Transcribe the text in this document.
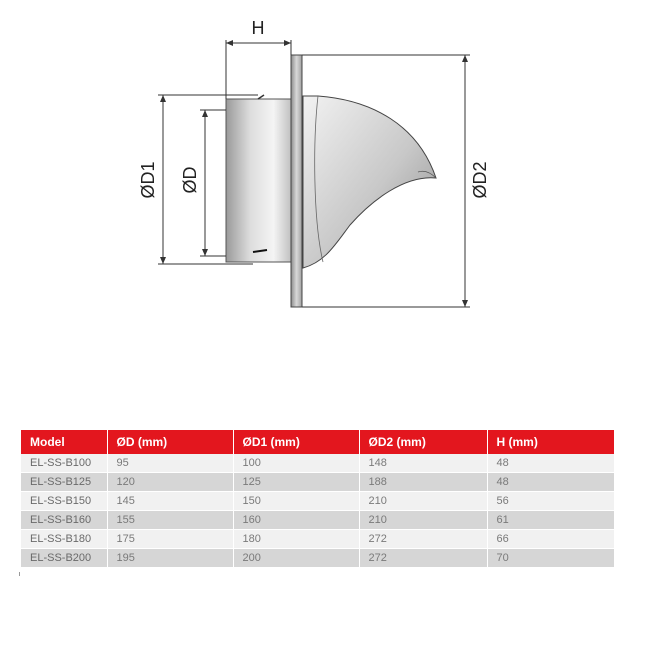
H
ØD1 ØD	ØD2
Model	ØD (mm)	ØD1 (mm)	ØD2 (mm)	H (mm)
EL-SS-B100	95	100	148	48
EL-SS-B125	120	125	188	48
EL-SS-B150	145	150	210	56
EL-SS-B160	155	160	210	61
EL-SS-B180	175	180	272	66
EL-SS-B200	195	200	272	70
